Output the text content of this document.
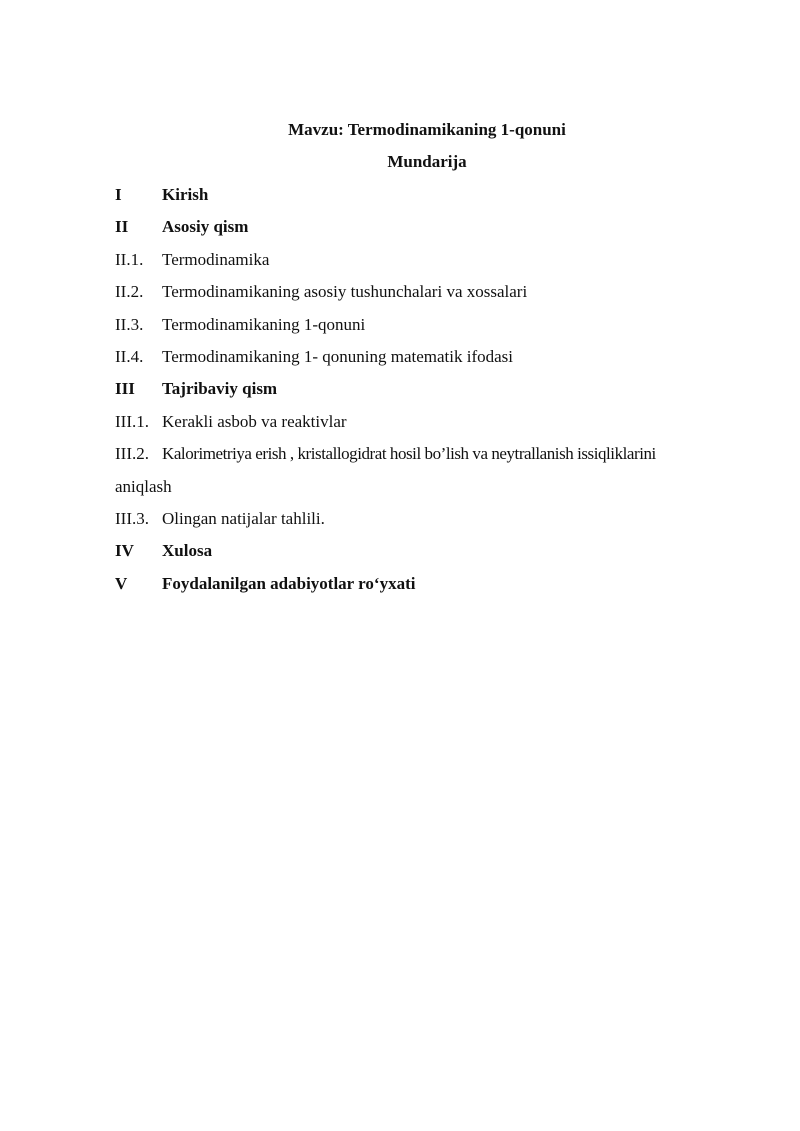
Mavzu: Termodinamikaning 1-qonuni
Mundarija
I Kirish
II Asosiy qism
II.1. Termodinamika
II.2. Termodinamikaning asosiy tushunchalari va xossalari
II.3. Termodinamikaning 1-qonuni
II.4. Termodinamikaning 1- qonuning matematik ifodasi
III Tajribaviy qism
III.1. Kerakli asbob va reaktivlar
III.2. Kalorimetriya erish , kristallogidrat hosil bo’lish va neytrallanish issiqliklarini
aniqlash
III.3. Olingan natijalar tahlili.
IV Xulosa
V Foydalanilgan adabiyotlar ro‘yxati
